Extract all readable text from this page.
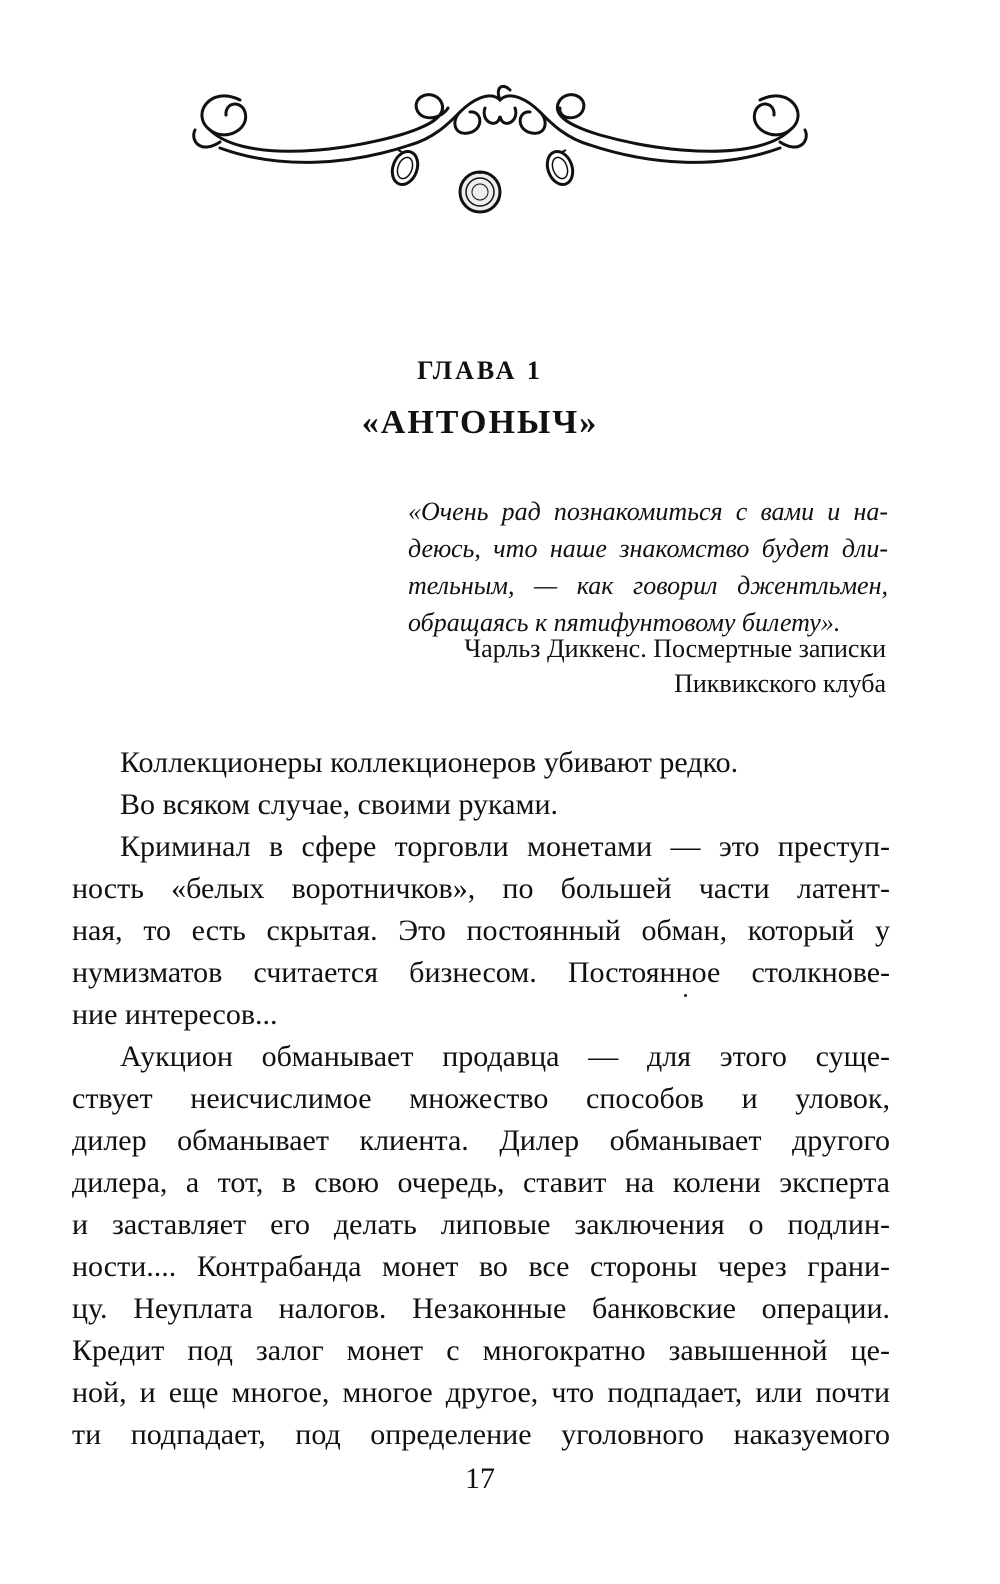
ГЛАВА 1
«АНТОНЫЧ»
«Очень рад познакомиться с вами и на-
деюсь, что наше знакомство будет дли-
тельным, — как говорил джентльмен,
обращаясь к пятифунтовому билету».
Чарльз Диккенс. Посмертные записки
Пиквикского клуба
Коллекционеры коллекционеров убивают редко.
Во всяком случае, своими руками.
Криминал в сфере торговли монетами — это преступ-
ность «белых воротничков», по большей части латент-
ная, то есть скрытая. Это постоянный обман, который у
нумизматов считается бизнесом. Постоянное столкнове-
ние интересов...
Аукцион обманывает продавца — для этого суще-
ствует неисчислимое множество способов и уловок,
дилер обманывает клиента. Дилер обманывает другого
дилера, а тот, в свою очередь, ставит на колени эксперта
и заставляет его делать липовые заключения о подлин-
ности.... Контрабанда монет во все стороны через грани-
цу. Неуплата налогов. Незаконные банковские операции.
Кредит под залог монет с многократно завышенной це-
ной, и еще многое, многое другое, что подпадает, или почти
ти подпадает, под определение уголовного наказуемого
17
